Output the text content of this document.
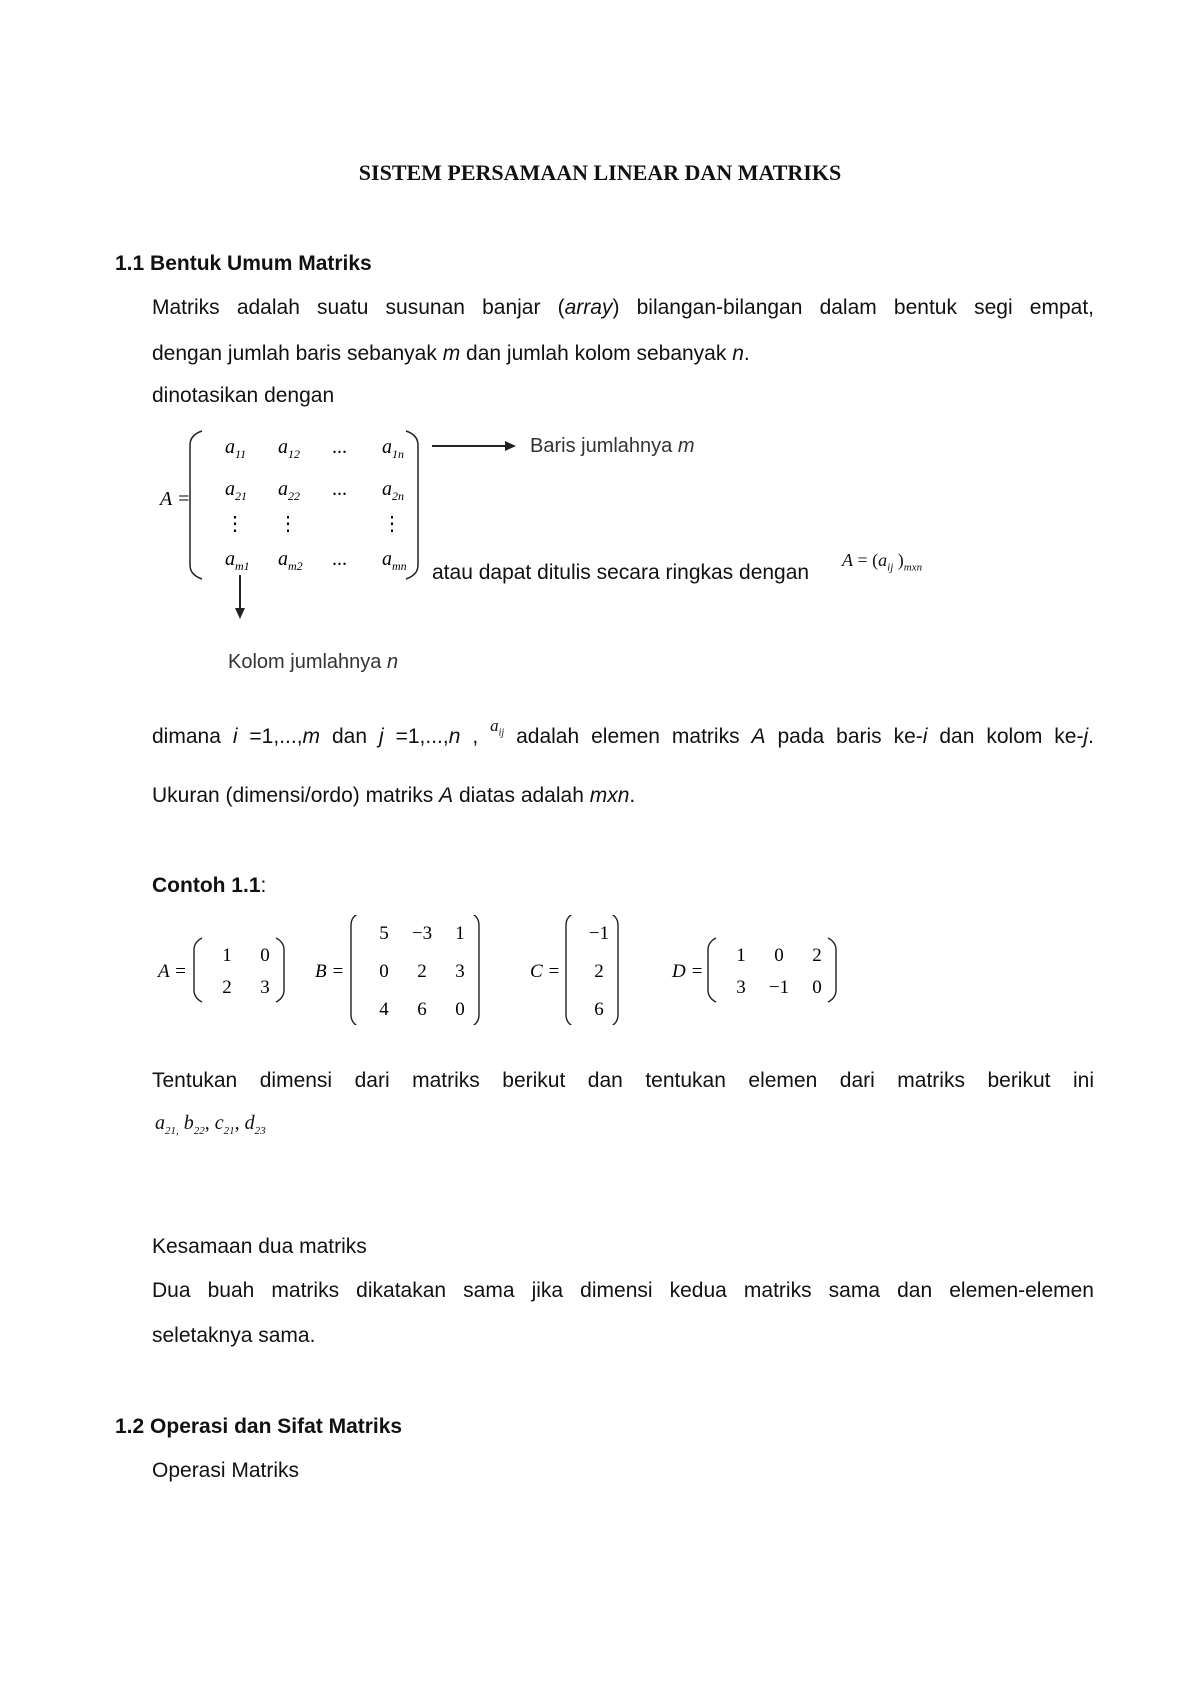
SISTEM PERSAMAAN LINEAR DAN MATRIKS
1.1 Bentuk Umum Matriks
Matriks adalah suatu susunan banjar (array) bilangan-bilangan dalam bentuk segi empat,
dengan jumlah baris sebanyak m dan jumlah kolom sebanyak n.
dinotasikan dengan
A =
$a_{11}$ $a_{12}$ ... $a_{1n}$
$a_{21}$ $a_{22}$ ... $a_{2n}$
⋮ ⋮	⋮
$a_{m1}$ $a_{m2}$ ... $a_{mn}$
Baris jumlahnya m
atau dapat ditulis secara ringkas dengan
$A = (a_{ij}$ )$_{mxn}$
Kolom jumlahnya n
dimana i =1,...,m dan j =1,...,n , $^{a_{ij}}$ adalah elemen matriks A pada baris ke-i dan kolom ke-j.
Ukuran (dimensi/ordo) matriks A diatas adalah mxn.
Contoh 1.1:
A =
1 0
2 3
B =
5 −3 1
0 2 3
4 6 0
C =
−1
2
6
D =
1 0 2
3 −1 0
Tentukan dimensi dari matriks berikut dan tentukan elemen dari matriks berikut ini
$a_{21,}$ $b_{22}$, $c_{21}$, $d_{23}$
Kesamaan dua matriks
Dua buah matriks dikatakan sama jika dimensi kedua matriks sama dan elemen-elemen
seletaknya sama.
1.2 Operasi dan Sifat Matriks
Operasi Matriks
